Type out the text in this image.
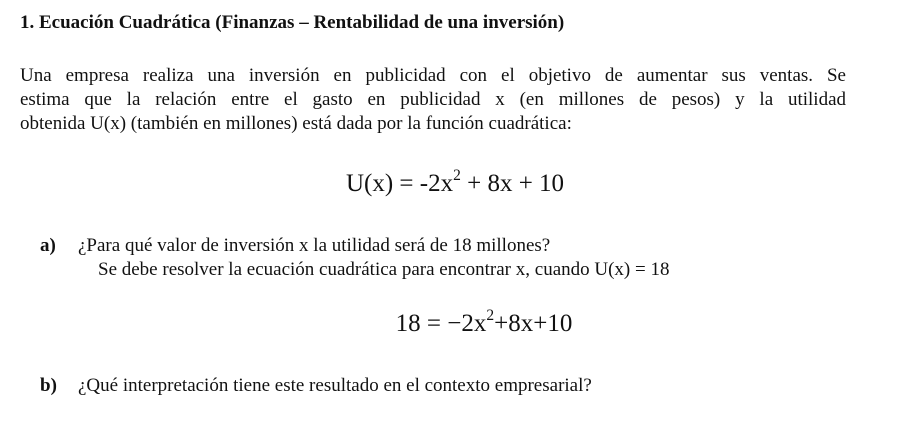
1. Ecuación Cuadrática (Finanzas – Rentabilidad de una inversión)
Una empresa realiza una inversión en publicidad con el objetivo de aumentar sus ventas. Se
estima que la relación entre el gasto en publicidad x (en millones de pesos) y la utilidad
obtenida U(x) (también en millones) está dada por la función cuadrática:
$U(x) = -2x^2 + 8x + 10$
a) ¿Para qué valor de inversión x la utilidad será de 18 millones?
Se debe resolver la ecuación cuadrática para encontrar x, cuando U(x) = 18
$18 = -2x^2+8x+10$
b) ¿Qué interpretación tiene este resultado en el contexto empresarial?
